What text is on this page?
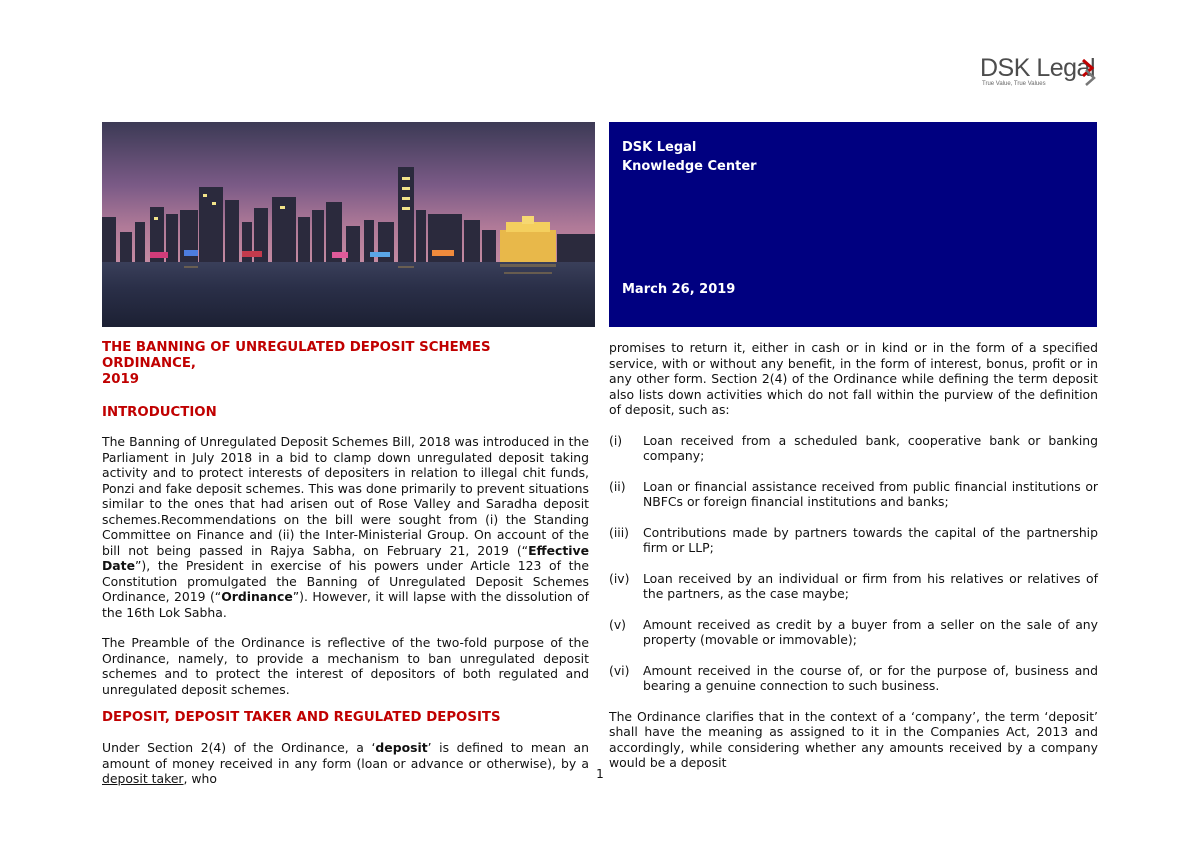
DSK Legal
True Value, True Values
DSK Legal
Knowledge Center
March 26, 2019
THE BANNING OF UNREGULATED DEPOSIT SCHEMES ORDINANCE,
2019
INTRODUCTION

The Banning of Unregulated Deposit Schemes Bill, 2018 was introduced in the Parliament in July 2018 in a bid to clamp down unregulated deposit taking activity and to protect interests of depositers in relation to illegal chit funds, Ponzi and fake deposit schemes. This was done primarily to prevent situations similar to the ones that had arisen out of Rose Valley and Saradha deposit schemes.Recommendations on the bill were sought from (i) the Standing Committee on Finance and (ii) the Inter-Ministerial Group. On account of the bill not being passed in Rajya Sabha, on February 21, 2019 (“Effective Date”), the President in exercise of his powers under Article 123 of the Constitution promulgated the Banning of Unregulated Deposit Schemes Ordinance, 2019 (“Ordinance”). However, it will lapse with the dissolution of the 16th Lok Sabha.

The Preamble of the Ordinance is reflective of the two-fold purpose of the Ordinance, namely, to provide a mechanism to ban unregulated deposit schemes and to protect the interest of depositors of both regulated and unregulated deposit schemes.

DEPOSIT, DEPOSIT TAKER AND REGULATED DEPOSITS

Under Section 2(4) of the Ordinance, a ‘deposit’ is defined to mean an amount of money received in any form (loan or advance or otherwise), by a deposit taker, who

promises to return it, either in cash or in kind or in the form of a specified service, with or without any benefit, in the form of interest, bonus, profit or in any other form. Section 2(4) of the Ordinance while defining the term deposit also lists down activities which do not fall within the purview of the definition of deposit, such as:

(i)	Loan received from a scheduled bank, cooperative bank or banking company;
(ii)	Loan or financial assistance received from public financial institutions or NBFCs or foreign financial institutions and banks;
(iii)	Contributions made by partners towards the capital of the partnership firm or LLP;
(iv)	Loan received by an individual or firm from his relatives or relatives of the partners, as the case maybe;
(v)	Amount received as credit by a buyer from a seller on the sale of any property (movable or immovable);
(vi)	Amount received in the course of, or for the purpose of, business and bearing a genuine connection to such business.

The Ordinance clarifies that in the context of a ‘company’, the term ‘deposit’ shall have the meaning as assigned to it in the Companies Act, 2013 and accordingly, while considering whether any amounts received by a company would be a deposit

1
